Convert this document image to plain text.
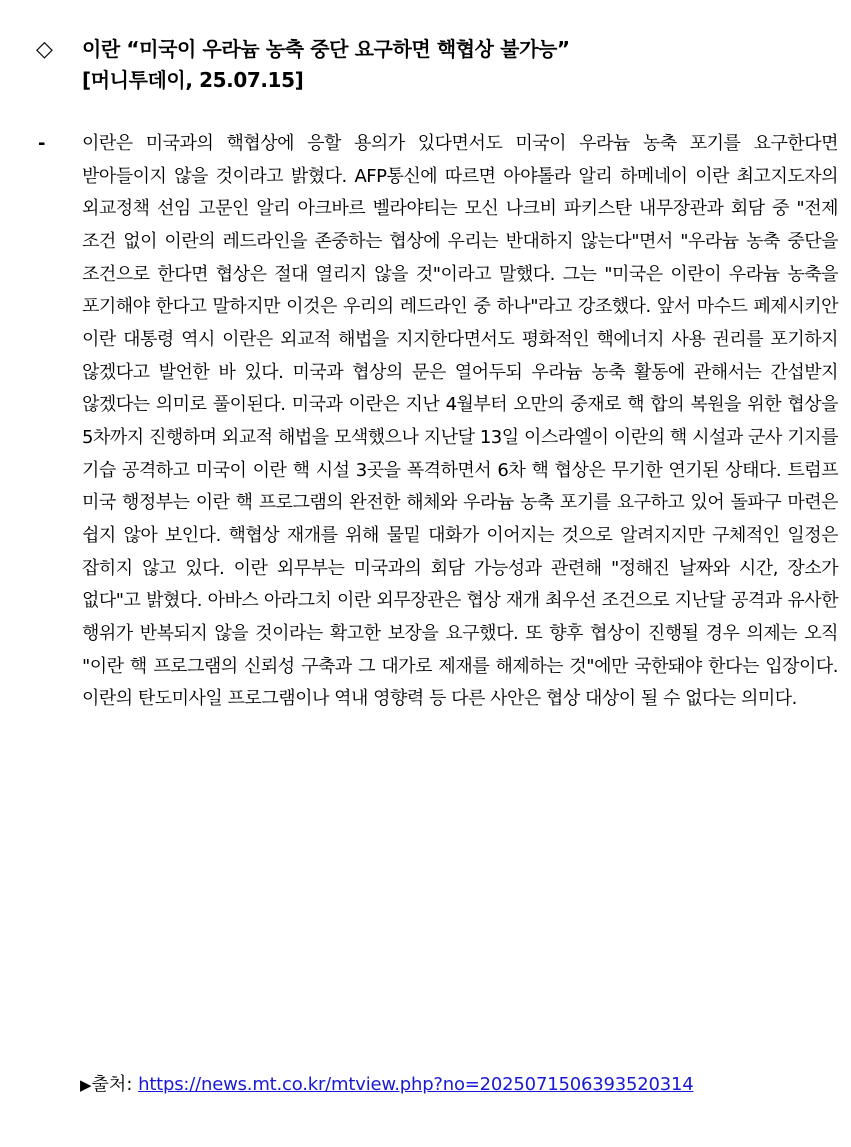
◇ 이란 “미국이 우라늄 농축 중단 요구하면 핵협상 불가능”
[머니투데이, 25.07.15]
- 이란은 미국과의 핵협상에 응할 용의가 있다면서도 미국이 우라늄 농축 포기를 요구한다면 받아들이지 않을 것이라고 밝혔다. AFP통신에 따르면 아야톨라 알리 하메네이 이란 최고지도자의 외교정책 선임 고문인 알리 아크바르 벨라야티는 모신 나크비 파키스탄 내무장관과 회담 중 "전제 조건 없이 이란의 레드라인을 존중하는 협상에 우리는 반대하지 않는다"면서 "우라늄 농축 중단을 조건으로 한다면 협상은 절대 열리지 않을 것"이라고 말했다. 그는 "미국은 이란이 우라늄 농축을 포기해야 한다고 말하지만 이것은 우리의 레드라인 중 하나"라고 강조했다. 앞서 마수드 페제시키안 이란 대통령 역시 이란은 외교적 해법을 지지한다면서도 평화적인 핵에너지 사용 권리를 포기하지 않겠다고 발언한 바 있다. 미국과 협상의 문은 열어두되 우라늄 농축 활동에 관해서는 간섭받지 않겠다는 의미로 풀이된다. 미국과 이란은 지난 4월부터 오만의 중재로 핵 합의 복원을 위한 협상을 5차까지 진행하며 외교적 해법을 모색했으나 지난달 13일 이스라엘이 이란의 핵 시설과 군사 기지를 기습 공격하고 미국이 이란 핵 시설 3곳을 폭격하면서 6차 핵 협상은 무기한 연기된 상태다. 트럼프 미국 행정부는 이란 핵 프로그램의 완전한 해체와 우라늄 농축 포기를 요구하고 있어 돌파구 마련은 쉽지 않아 보인다. 핵협상 재개를 위해 물밑 대화가 이어지는 것으로 알려지지만 구체적인 일정은 잡히지 않고 있다. 이란 외무부는 미국과의 회담 가능성과 관련해 "정해진 날짜와 시간, 장소가 없다"고 밝혔다. 아바스 아라그치 이란 외무장관은 협상 재개 최우선 조건으로 지난달 공격과 유사한 행위가 반복되지 않을 것이라는 확고한 보장을 요구했다. 또 향후 협상이 진행될 경우 의제는 오직 "이란 핵 프로그램의 신뢰성 구축과 그 대가로 제재를 해제하는 것"에만 국한돼야 한다는 입장이다. 이란의 탄도미사일 프로그램이나 역내 영향력 등 다른 사안은 협상 대상이 될 수 없다는 의미다.
▶출처: https://news.mt.co.kr/mtview.php?no=2025071506393520314
